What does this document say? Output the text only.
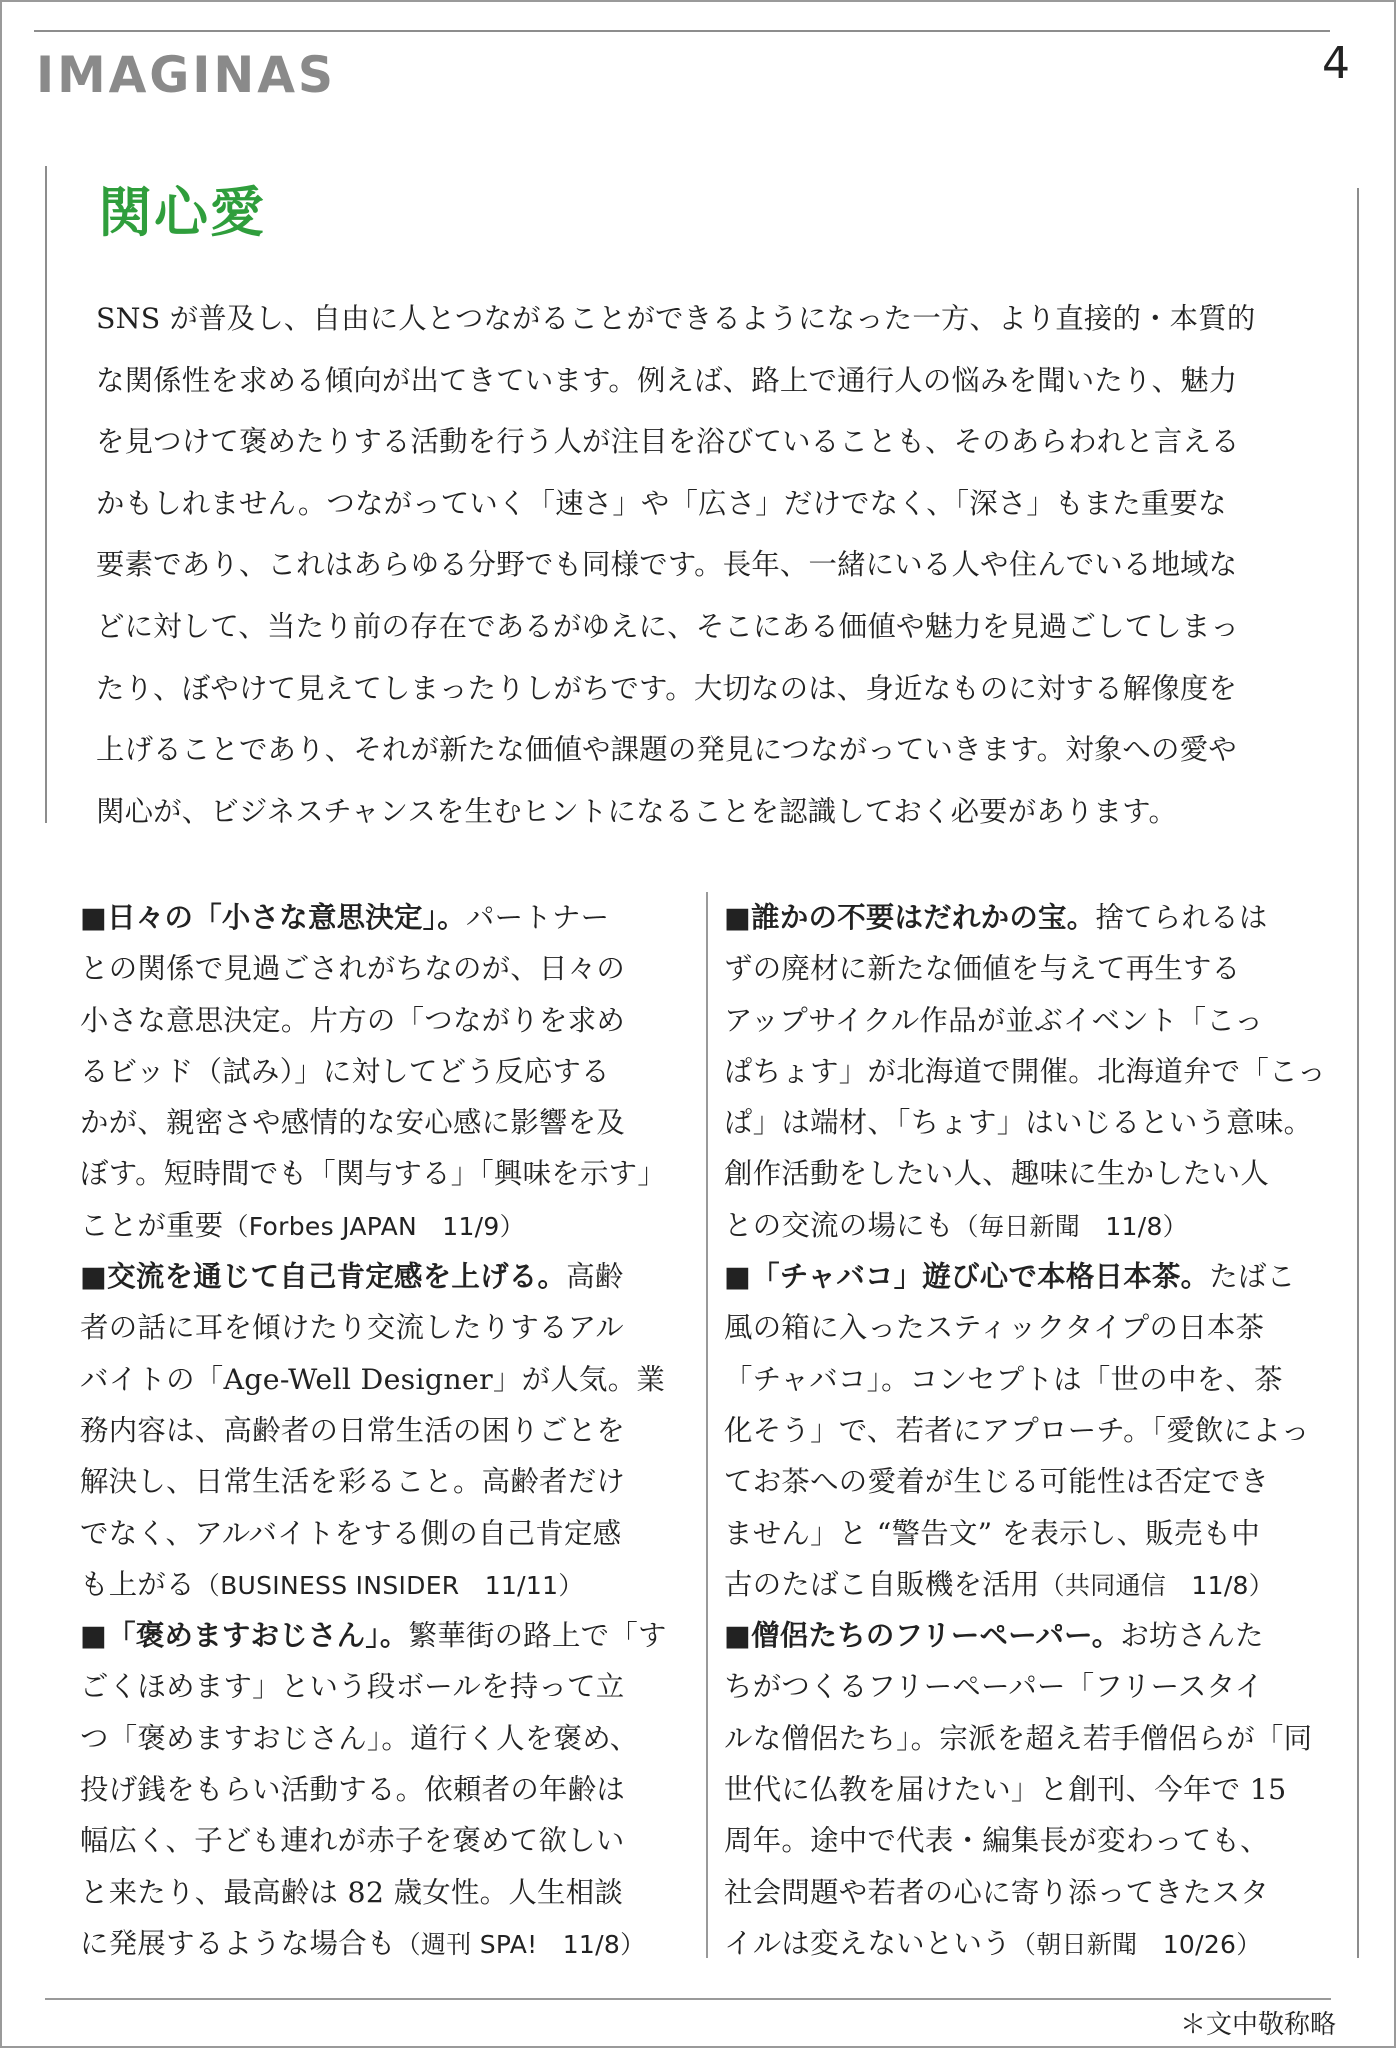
IMAGINAS	4
関心愛
SNS が普及し、自由に人とつながることができるようになった一方、より直接的・本質的
な関係性を求める傾向が出てきています。例えば、路上で通行人の悩みを聞いたり、魅力
を見つけて褒めたりする活動を行う人が注目を浴びていることも、そのあらわれと言える
かもしれません。つながっていく「速さ」や「広さ」だけでなく、「深さ」もまた重要な
要素であり、これはあらゆる分野でも同様です。長年、一緒にいる人や住んでいる地域な
どに対して、当たり前の存在であるがゆえに、そこにある価値や魅力を見過ごしてしまっ
たり、ぼやけて見えてしまったりしがちです。大切なのは、身近なものに対する解像度を
上げることであり、それが新たな価値や課題の発見につながっていきます。対象への愛や
関心が、ビジネスチャンスを生むヒントになることを認識しておく必要があります。
■日々の「小さな意思決定」。パートナー
との関係で見過ごされがちなのが、日々の
小さな意思決定。片方の「つながりを求め
るビッド（試み）」に対してどう反応する
かが、親密さや感情的な安心感に影響を及
ぼす。短時間でも「関与する」「興味を示す」
ことが重要（Forbes JAPAN　11/9）
■交流を通じて自己肯定感を上げる。高齢
者の話に耳を傾けたり交流したりするアル
バイトの「Age-Well Designer」が人気。業
務内容は、高齢者の日常生活の困りごとを
解決し、日常生活を彩ること。高齢者だけ
でなく、アルバイトをする側の自己肯定感
も上がる（BUSINESS INSIDER　11/11）
■「褒めますおじさん」。繁華街の路上で「す
ごくほめます」という段ボールを持って立
つ「褒めますおじさん」。道行く人を褒め、
投げ銭をもらい活動する。依頼者の年齢は
幅広く、子ども連れが赤子を褒めて欲しい
と来たり、最高齢は 82 歳女性。人生相談
に発展するような場合も（週刊 SPA!　11/8）
■誰かの不要はだれかの宝。捨てられるは
ずの廃材に新たな価値を与えて再生する
アップサイクル作品が並ぶイベント「こっ
ぱちょす」が北海道で開催。北海道弁で「こっ
ぱ」は端材、「ちょす」はいじるという意味。
創作活動をしたい人、趣味に生かしたい人
との交流の場にも（毎日新聞　11/8）
■「チャバコ」遊び心で本格日本茶。たばこ
風の箱に入ったスティックタイプの日本茶
「チャバコ」。コンセプトは「世の中を、茶
化そう」で、若者にアプローチ。「愛飲によっ
てお茶への愛着が生じる可能性は否定でき
ません」と “警告文” を表示し、販売も中
古のたばこ自販機を活用（共同通信　11/8）
■僧侶たちのフリーペーパー。お坊さんた
ちがつくるフリーペーパー「フリースタイ
ルな僧侶たち」。宗派を超え若手僧侶らが「同
世代に仏教を届けたい」と創刊、今年で 15
周年。途中で代表・編集長が変わっても、
社会問題や若者の心に寄り添ってきたスタ
イルは変えないという（朝日新聞　10/26）
＊文中敬称略
